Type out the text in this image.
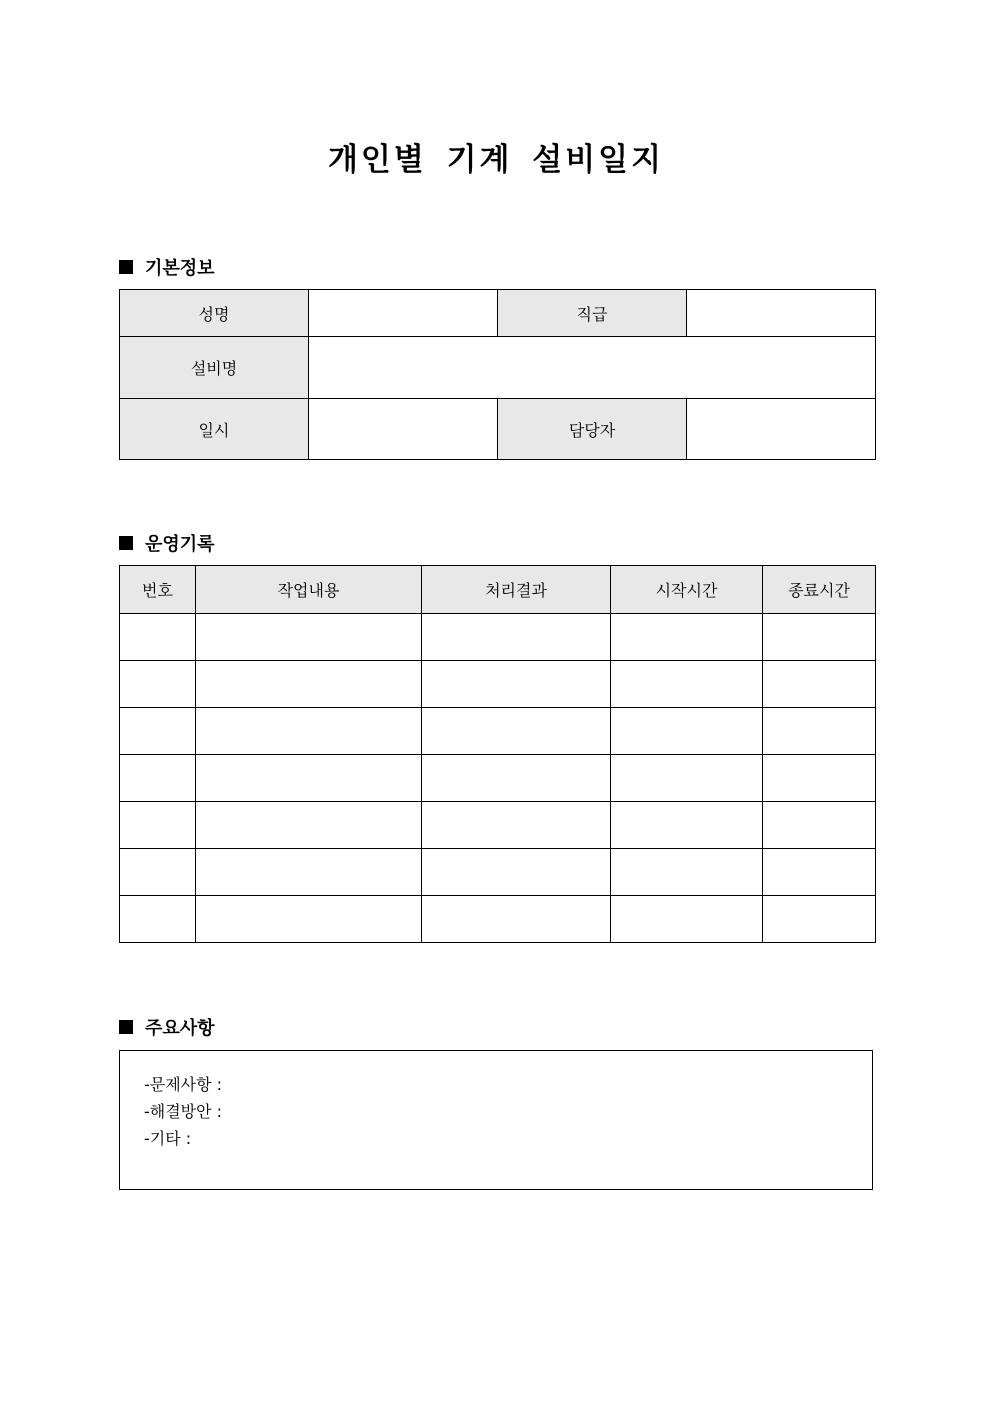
개인별 기계 설비일지
기본정보
성명		직급	
설비명			
일시		담당자	
운영기록
번호	작업내용	처리결과	시작시간	종료시간

주요사항
-문제사항 :
-해결방안 :
-기타 :
